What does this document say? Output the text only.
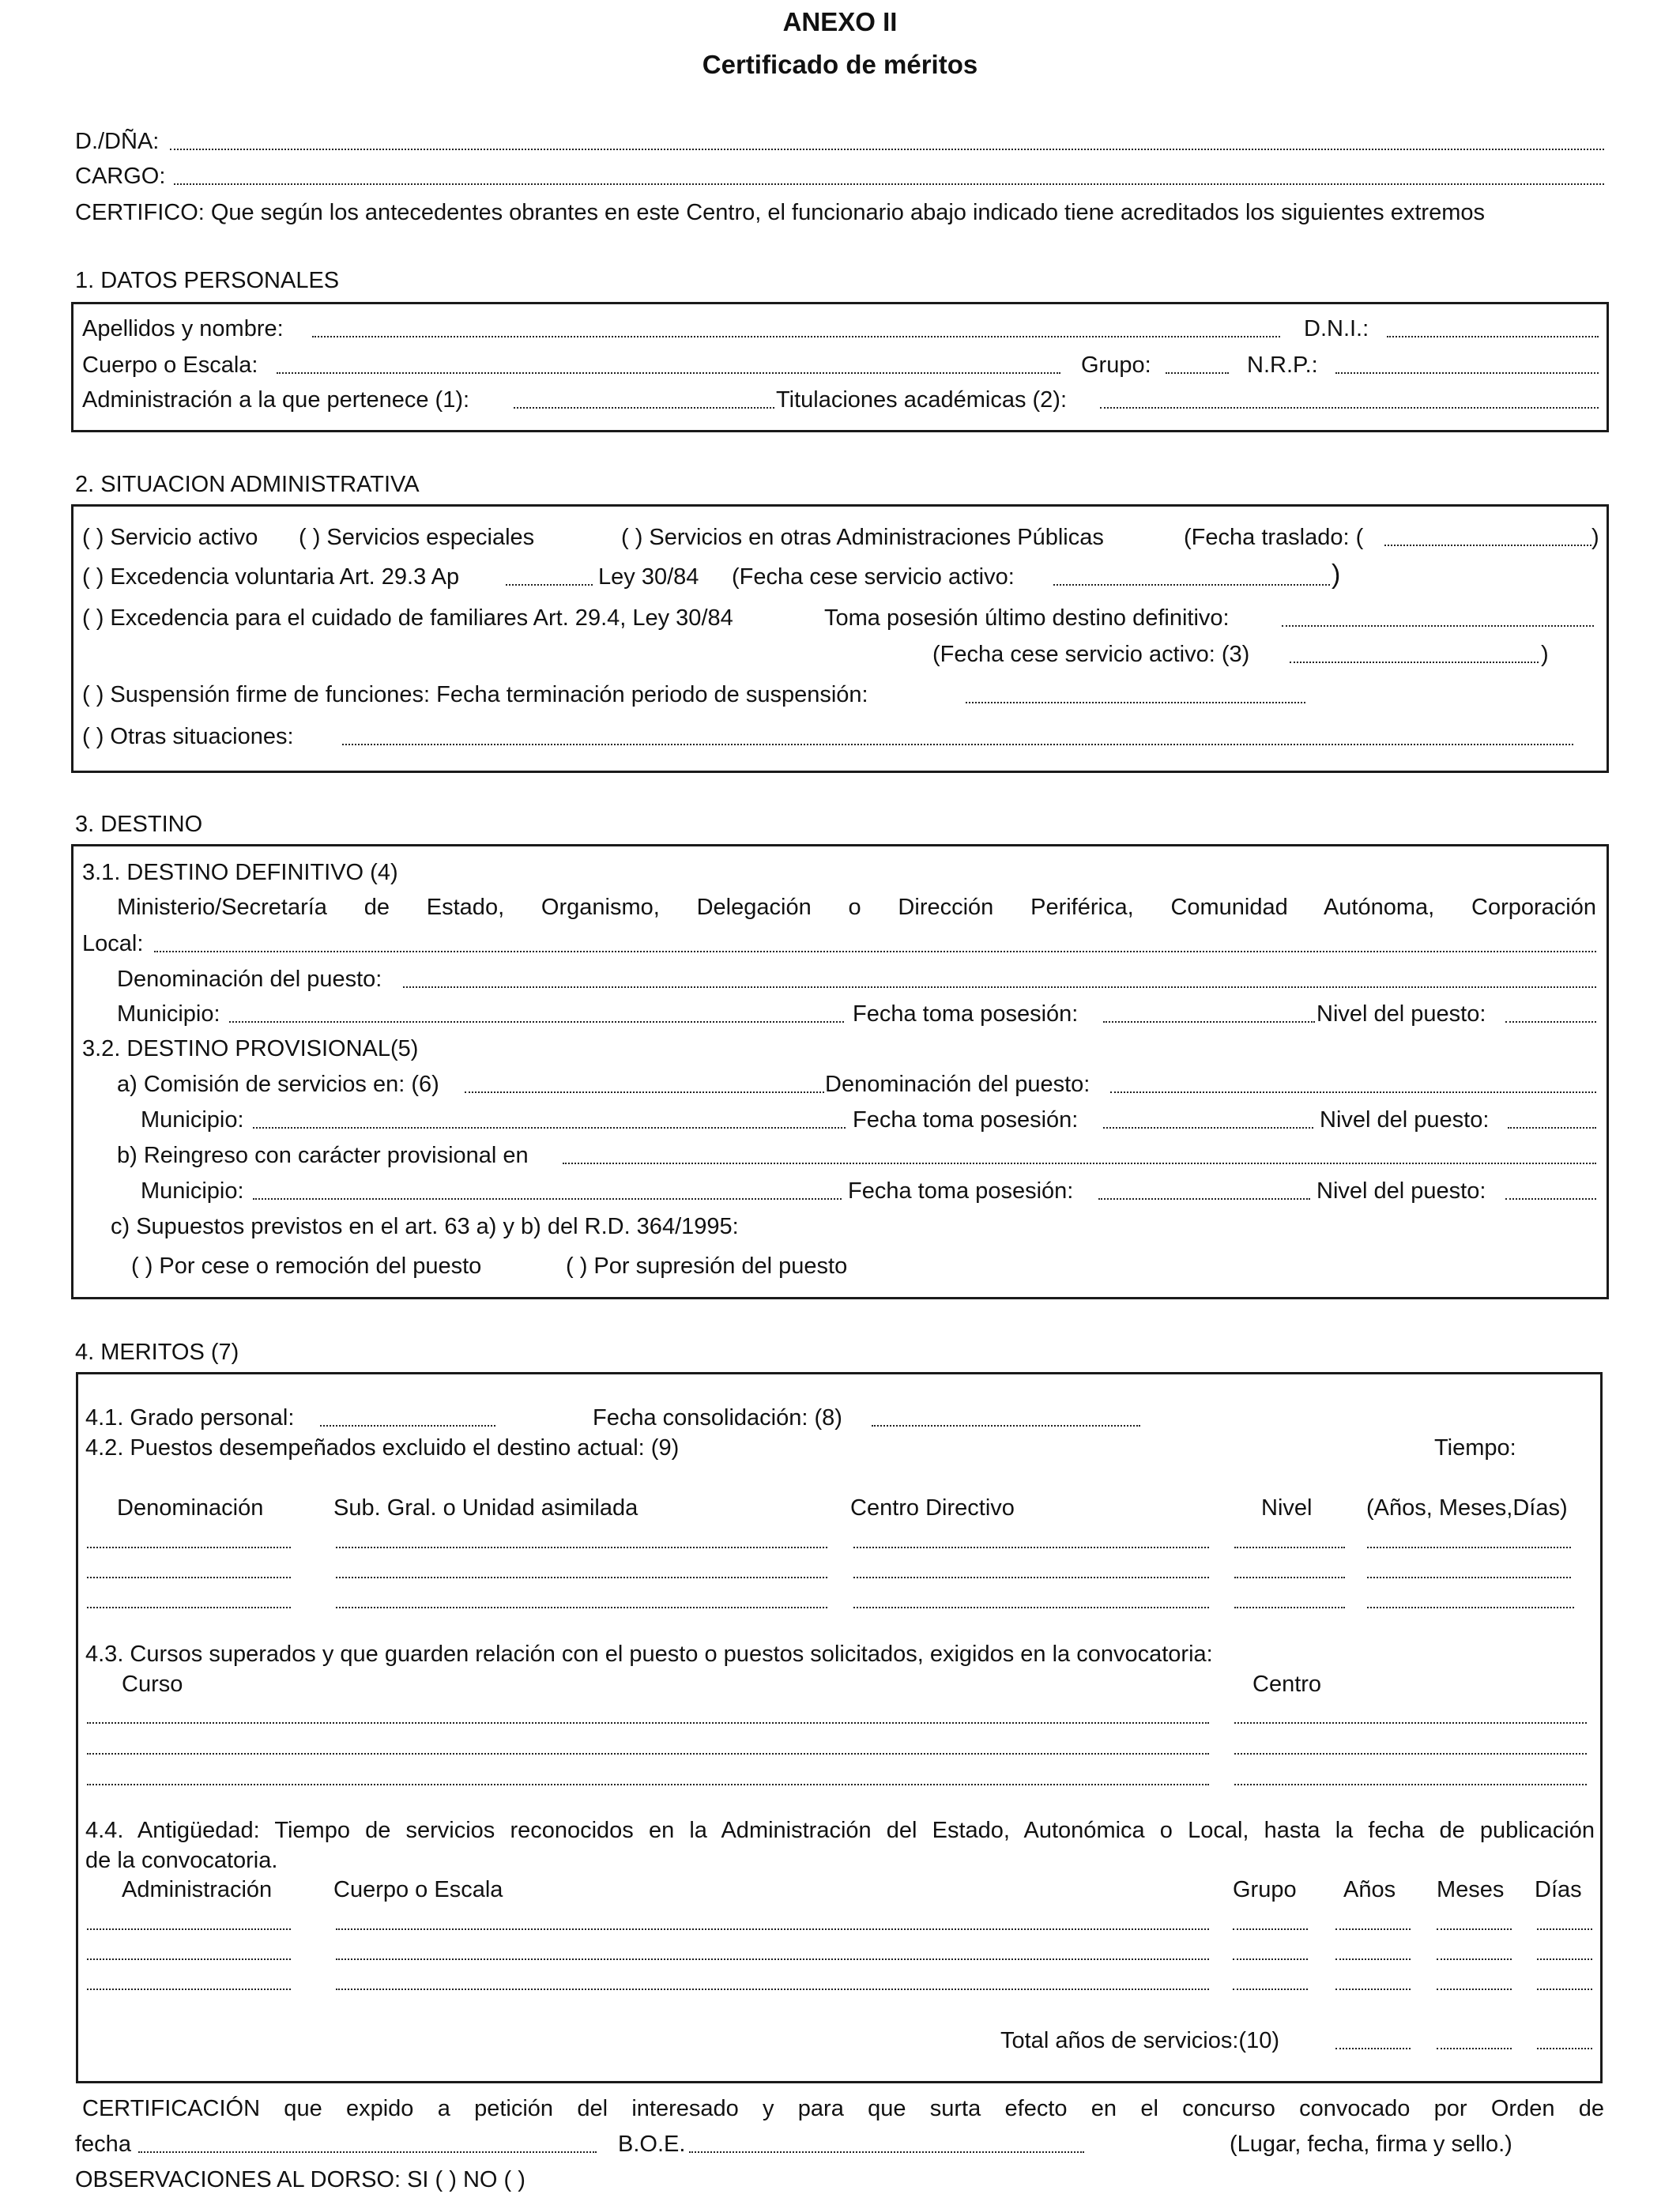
ANEXO II
Certificado de méritos
D./DÑA:
CARGO:
CERTIFICO: Que según los antecedentes obrantes en este Centro, el funcionario abajo indicado tiene acreditados los siguientes extremos
1. DATOS PERSONALES
Apellidos y nombre:	D.N.I.:
Cuerpo o Escala:	Grupo:	N.R.P.:
Administración a la que pertenece (1):	Titulaciones académicas (2):
2. SITUACION ADMINISTRATIVA
( ) Servicio activo ( ) Servicios especiales	( ) Servicios en otras Administraciones Públicas	(Fecha traslado: (	)
( ) Excedencia voluntaria Art. 29.3 Ap	Ley 30/84 (Fecha cese servicio activo:	)
( ) Excedencia para el cuidado de familiares Art. 29.4, Ley 30/84	Toma posesión último destino definitivo:
(Fecha cese servicio activo: (3)	)
( ) Suspensión firme de funciones: Fecha terminación periodo de suspensión:
( ) Otras situaciones:
3. DESTINO
3.1. DESTINO DEFINITIVO (4)
Ministerio/Secretaría de Estado, Organismo, Delegación o Dirección Periférica, Comunidad Autónoma, Corporación
Local:
Denominación del puesto:
Municipio:	Fecha toma posesión:	Nivel del puesto:
3.2. DESTINO PROVISIONAL(5)
a) Comisión de servicios en: (6)	Denominación del puesto:
Municipio:	Fecha toma posesión:	Nivel del puesto:
b) Reingreso con carácter provisional en
Municipio:	Fecha toma posesión:	Nivel del puesto:
c) Supuestos previstos en el art. 63 a) y b) del R.D. 364/1995:
( ) Por cese o remoción del puesto	( ) Por supresión del puesto
4. MERITOS (7)
4.1. Grado personal:	Fecha consolidación: (8)
4.2. Puestos desempeñados excluido el destino actual: (9)	Tiempo:
Denominación	Sub. Gral. o Unidad asimilada	Centro Directivo	Nivel (Años, Meses,Días)
4.3. Cursos superados y que guarden relación con el puesto o puestos solicitados, exigidos en la convocatoria:
Curso	Centro
4.4. Antigüedad: Tiempo de servicios reconocidos en la Administración del Estado, Autonómica o Local, hasta la fecha de publicación
de la convocatoria.
Administración	Cuerpo o Escala	Grupo Años Meses Días
Total años de servicios:(10)
CERTIFICACIÓN que expido a petición del interesado y para que surta efecto en el concurso convocado por Orden de
fecha	B.O.E.	(Lugar, fecha, firma y sello.)
OBSERVACIONES AL DORSO: SI ( ) NO ( )
